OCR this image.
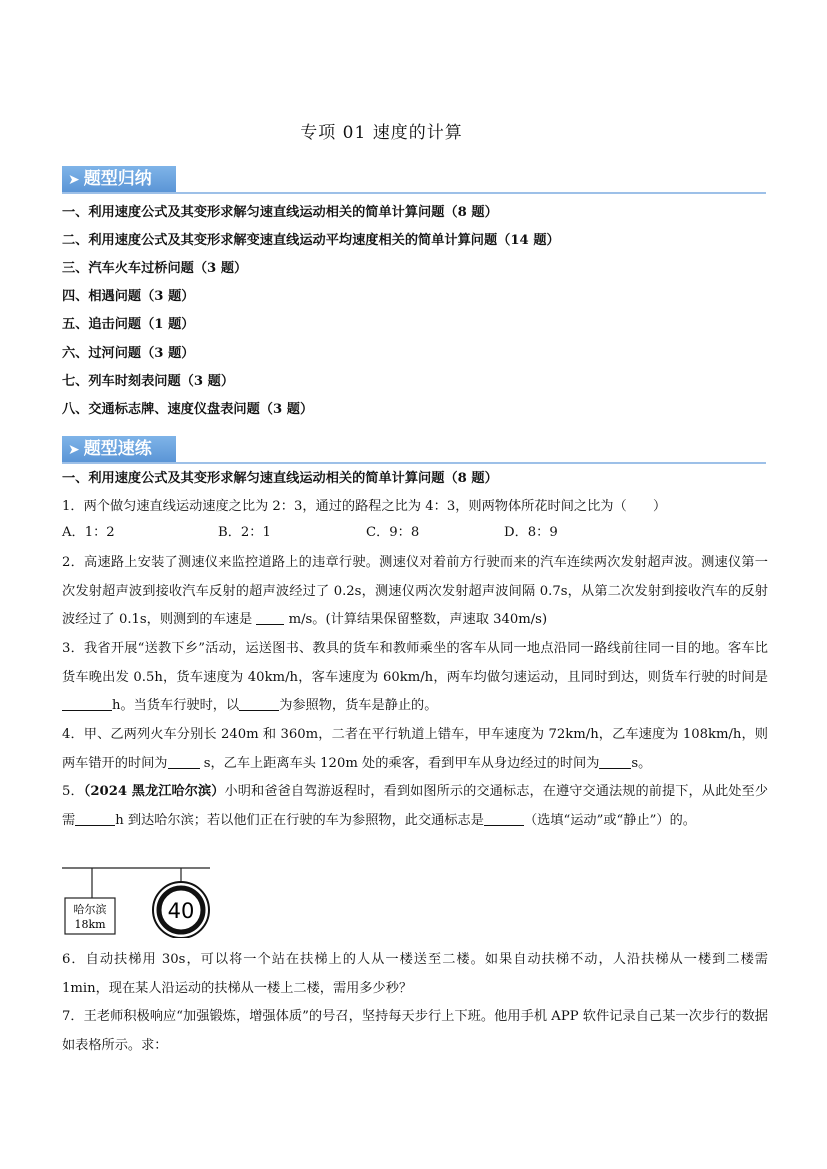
专项 01 速度的计算
➤ 题型归纳
一、利用速度公式及其变形求解匀速直线运动相关的简单计算问题（8 题）
二、利用速度公式及其变形求解变速直线运动平均速度相关的简单计算问题（14 题）
三、汽车火车过桥问题（3 题）
四、相遇问题（3 题）
五、追击问题（1 题）
六、过河问题（3 题）
七、列车时刻表问题（3 题）
八、交通标志牌、速度仪盘表问题（3 题）
➤ 题型速练
一、利用速度公式及其变形求解匀速直线运动相关的简单计算问题（8 题）
1．两个做匀速直线运动速度之比为 2：3，通过的路程之比为 4：3，则两物体所花时间之比为（　　）
A．1：2	B．2：1	C．9：8	D．8：9
2．高速路上安装了测速仪来监控道路上的违章行驶。测速仪对着前方行驶而来的汽车连续两次发射超声波。测速仪第一次发射超声波到接收汽车反射的超声波经过了 0.2s，测速仪两次发射超声波间隔 0.7s，从第二次发射到接收汽车的反射波经过了 0.1s，则测到的车速是  m/s。(计算结果保留整数，声速取 340m/s)
3．我省开展“送教下乡”活动，运送图书、教具的货车和教师乘坐的客车从同一地点沿同一路线前往同一目的地。客车比货车晚出发 0.5h，货车速度为 40km/h，客车速度为 60km/h，两车均做匀速运动，且同时到达，则货车行驶的时间是h。当货车行驶时，以	为参照物，货车是静止的。
4．甲、乙两列火车分别长 240m 和 360m，二者在平行轨道上错车，甲车速度为 72km/h，乙车速度为 108km/h，则两车错开的时间为	s，乙车上距离车头 120m 处的乘客，看到甲车从身边经过的时间为 s。
5．（2024 黑龙江哈尔滨）小明和爸爸自驾游返程时，看到如图所示的交通标志，在遵守交通法规的前提下，从此处至少需	h 到达哈尔滨；若以他们正在行驶的车为参照物，此交通标志是	（选填“运动”或“静止”）的。
哈尔滨
18km
40
6．自动扶梯用 30s，可以将一个站在扶梯上的人从一楼送至二楼。如果自动扶梯不动，人沿扶梯从一楼到二楼需 1min，现在某人沿运动的扶梯从一楼上二楼，需用多少秒？
7．王老师积极响应“加强锻炼，增强体质”的号召，坚持每天步行上下班。他用手机 APP 软件记录自己某一次步行的数据如表格所示。求：
